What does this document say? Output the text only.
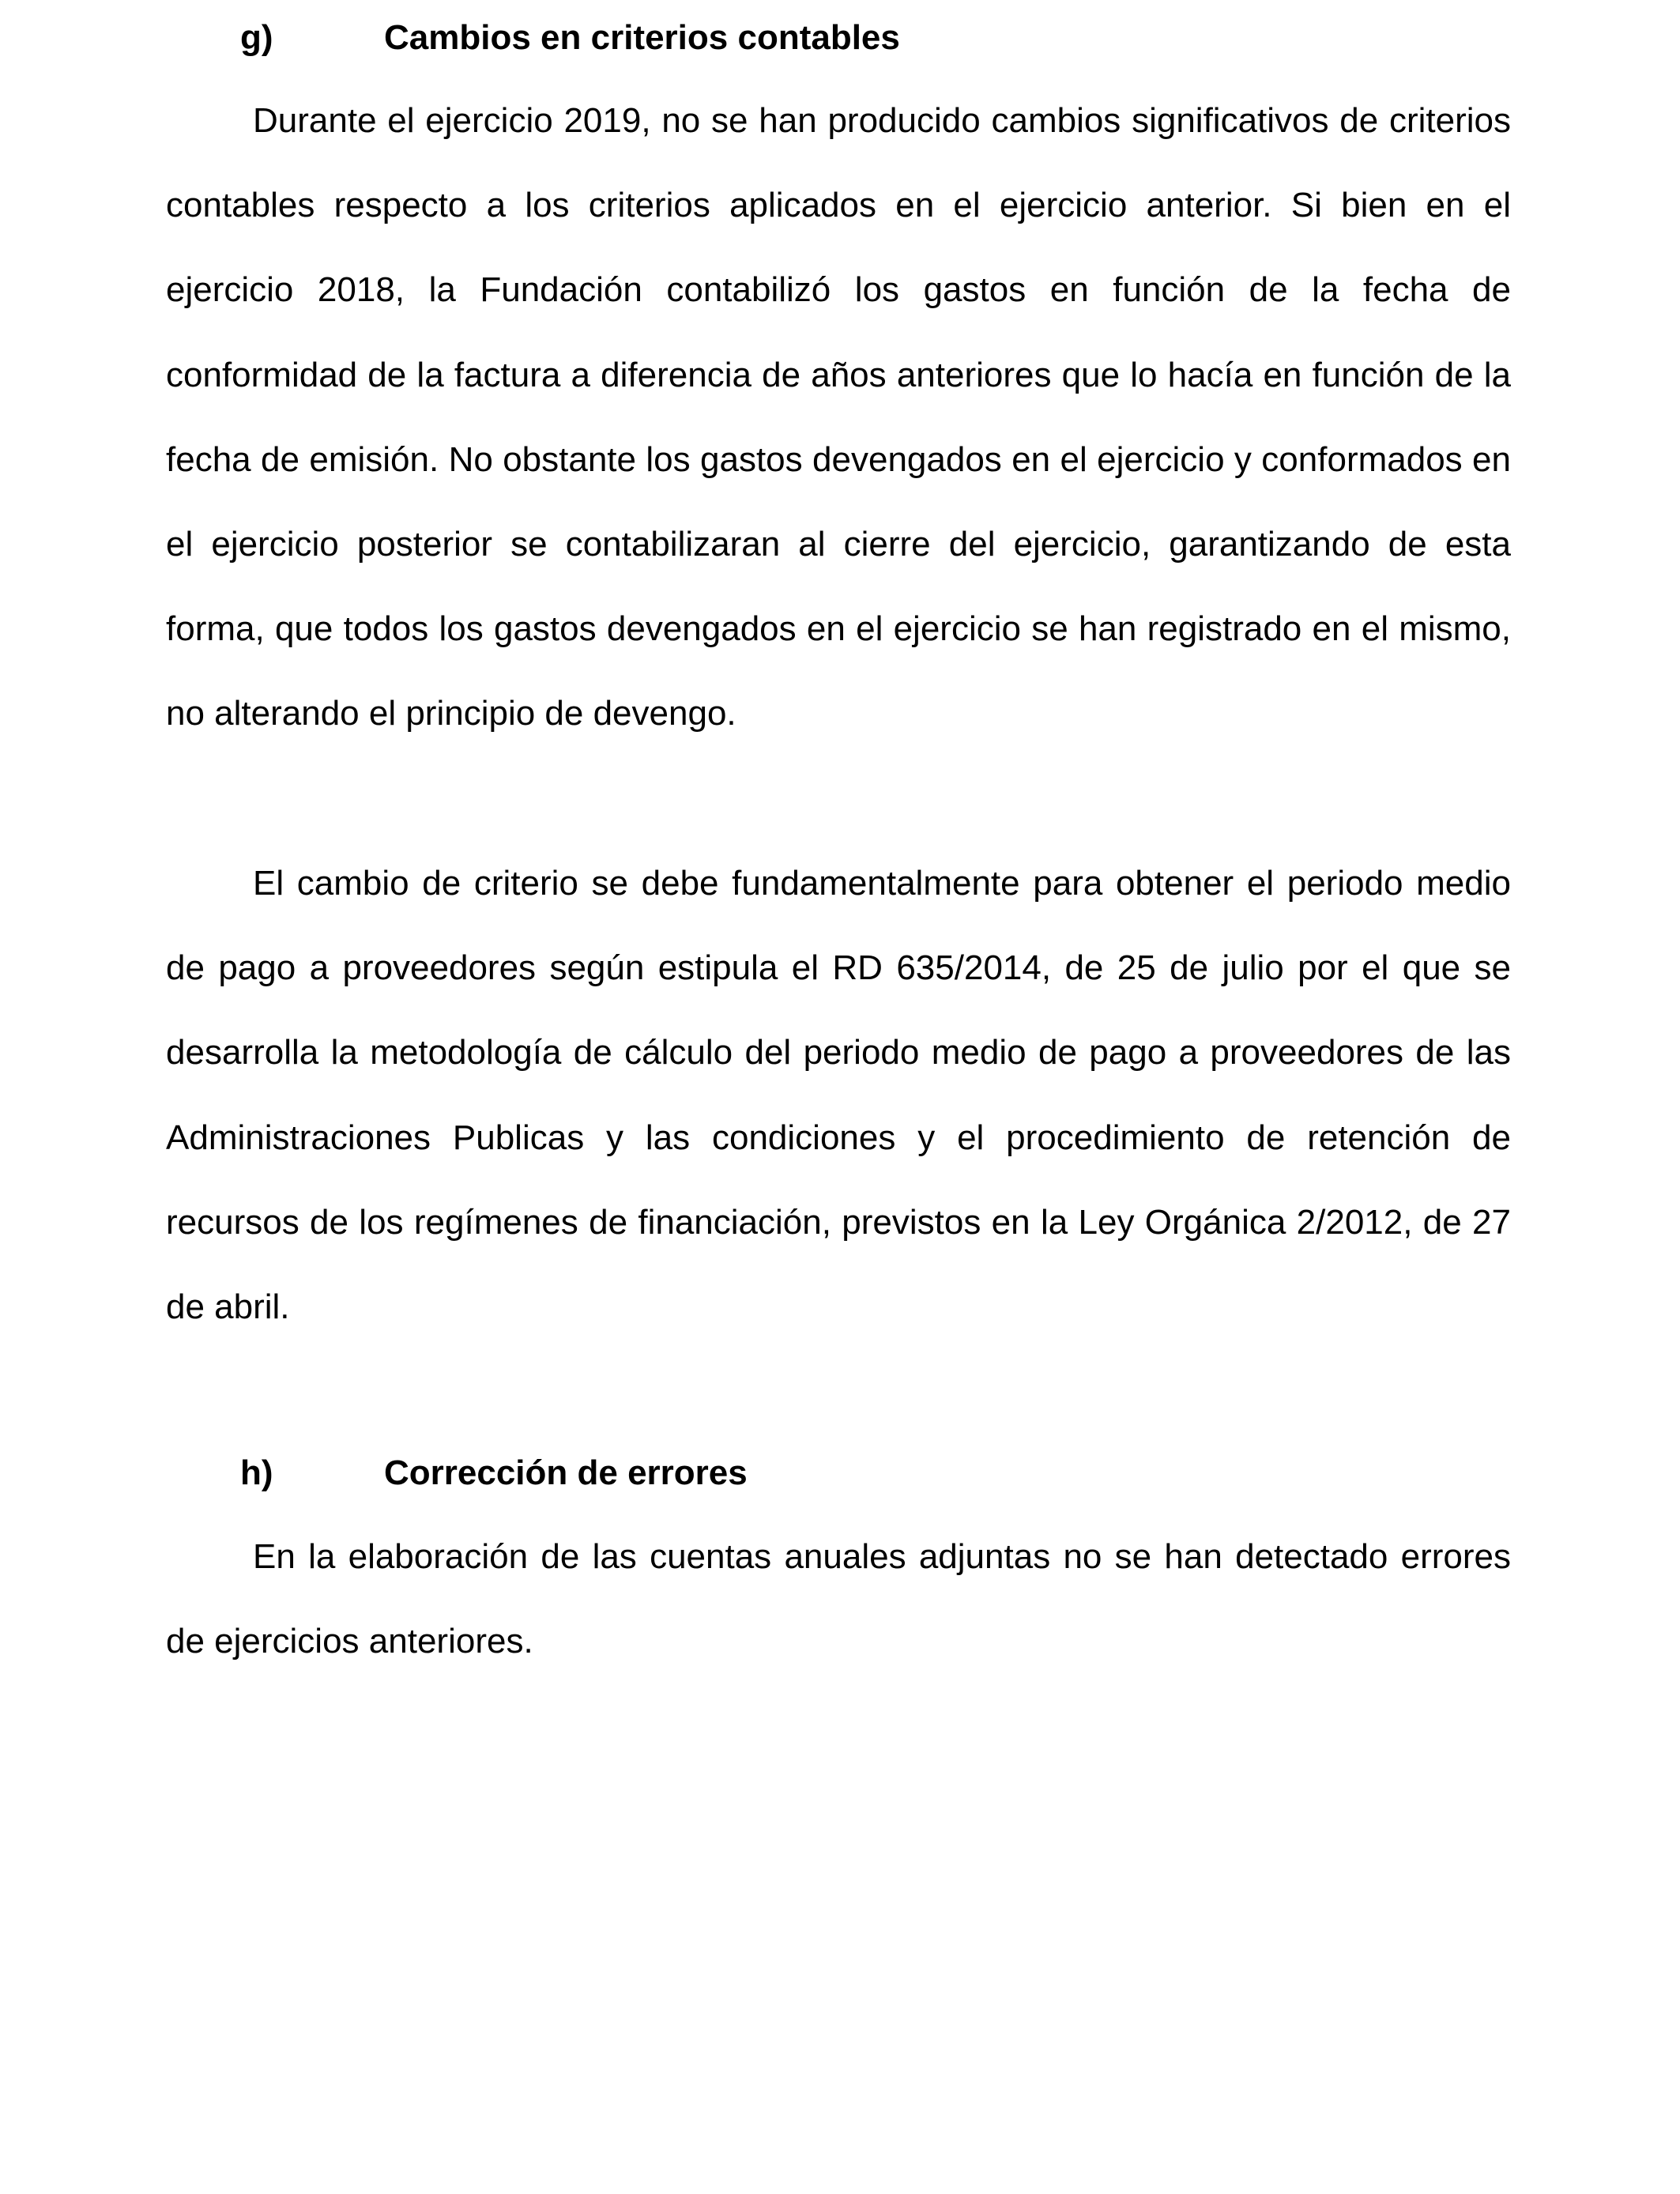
g)	Cambios en criterios contables

Durante el ejercicio 2019, no se han producido cambios significativos de criterios contables respecto a los criterios aplicados en el ejercicio anterior. Si bien en el ejercicio 2018, la Fundación contabilizó los gastos en función de la fecha de conformidad de la factura a diferencia de años anteriores que lo hacía en función de la fecha de emisión. No obstante los gastos devengados en el ejercicio y conformados en el ejercicio posterior se contabilizaran al cierre del ejercicio, garantizando de esta forma, que todos los gastos devengados en el ejercicio se han registrado en el mismo, no alterando el principio de devengo.

El cambio de criterio se debe fundamentalmente para obtener el periodo medio de pago a proveedores según estipula el RD 635/2014, de 25 de julio por el que se desarrolla la metodología de cálculo del periodo medio de pago a proveedores de las Administraciones Publicas y las condiciones y el procedimiento de retención de recursos de los regímenes de financiación, previstos en la Ley Orgánica 2/2012, de 27 de abril.

h)	Corrección de errores

En la elaboración de las cuentas anuales adjuntas no se han detectado errores de ejercicios anteriores.
